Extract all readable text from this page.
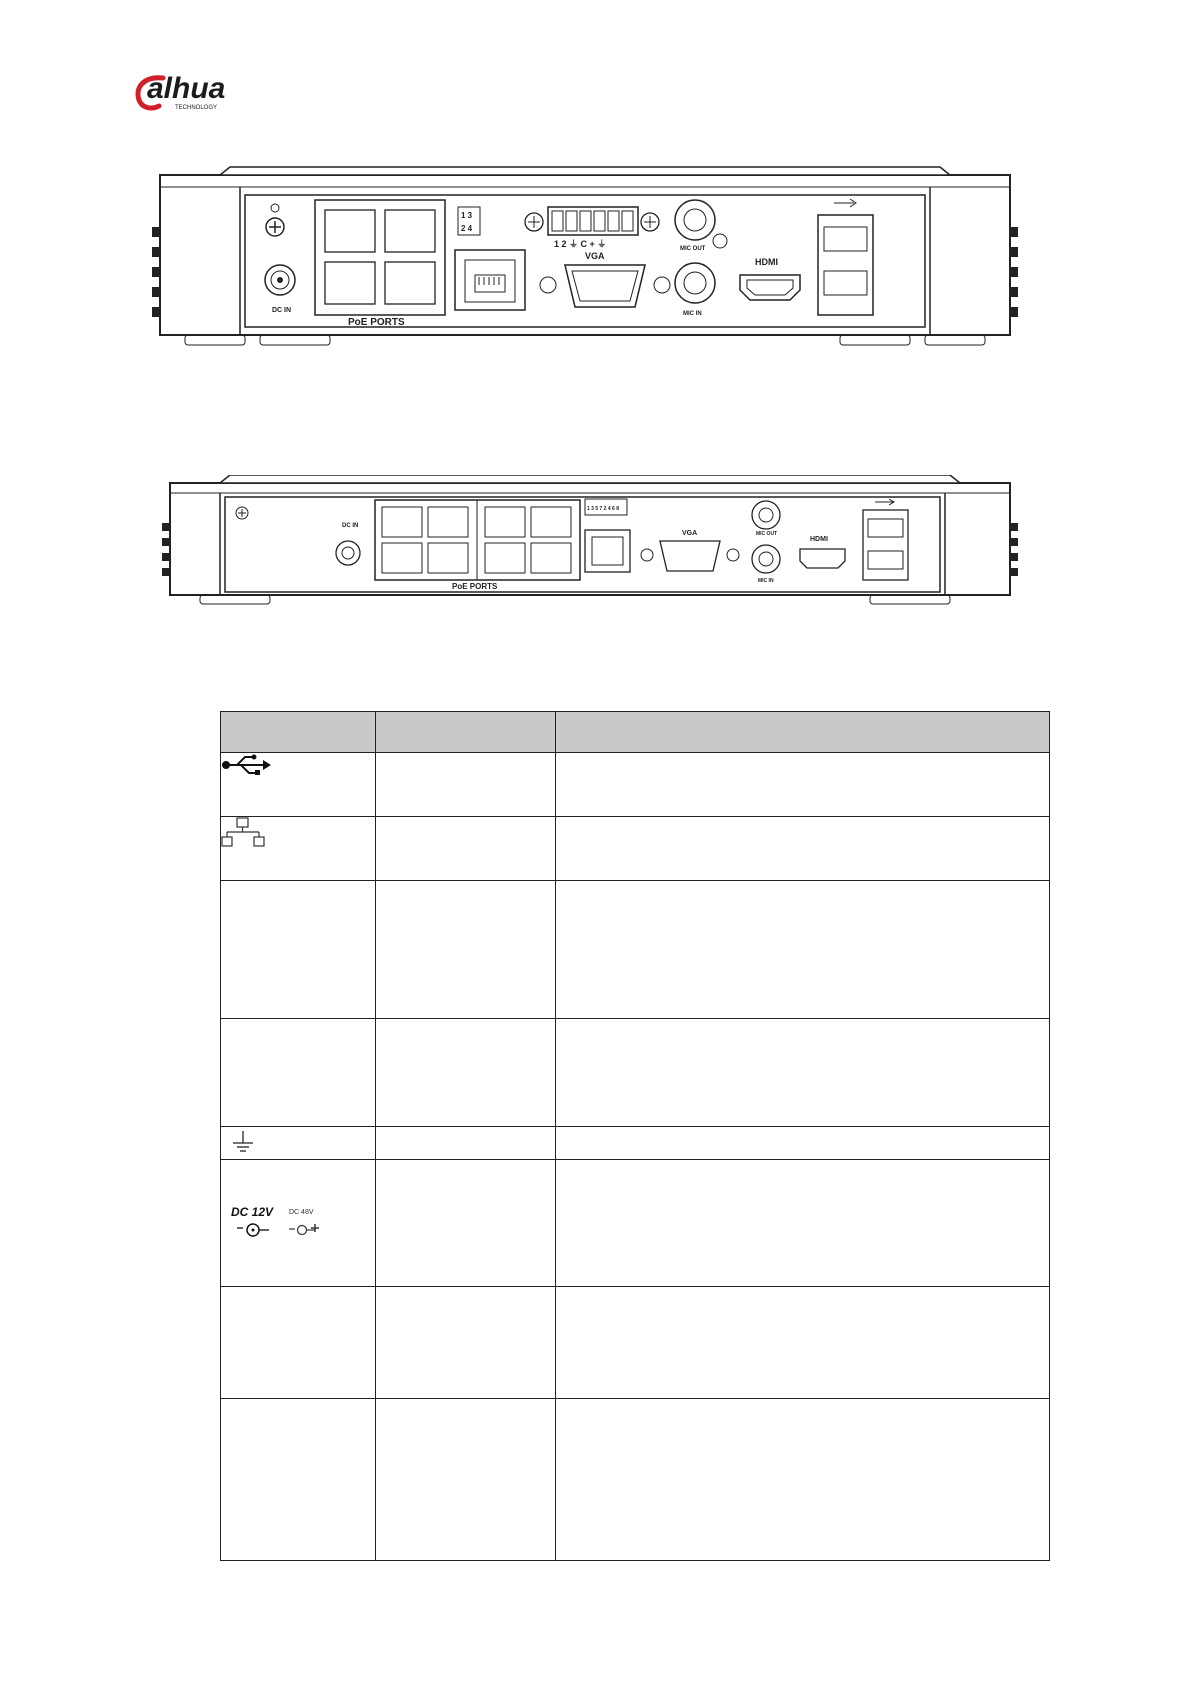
alhua
TECHNOLOGY
DC IN
PoE PORTS
1 3
2 4
1 2 ⏚ C + ⏚
VGA
MIC OUT
MIC IN
HDMI
DC IN
PoE PORTS
1 3 5 7 2 4 6 8
VGA	MIC OUT
MIC IN
HDMI

DC 12V DC 48V		
